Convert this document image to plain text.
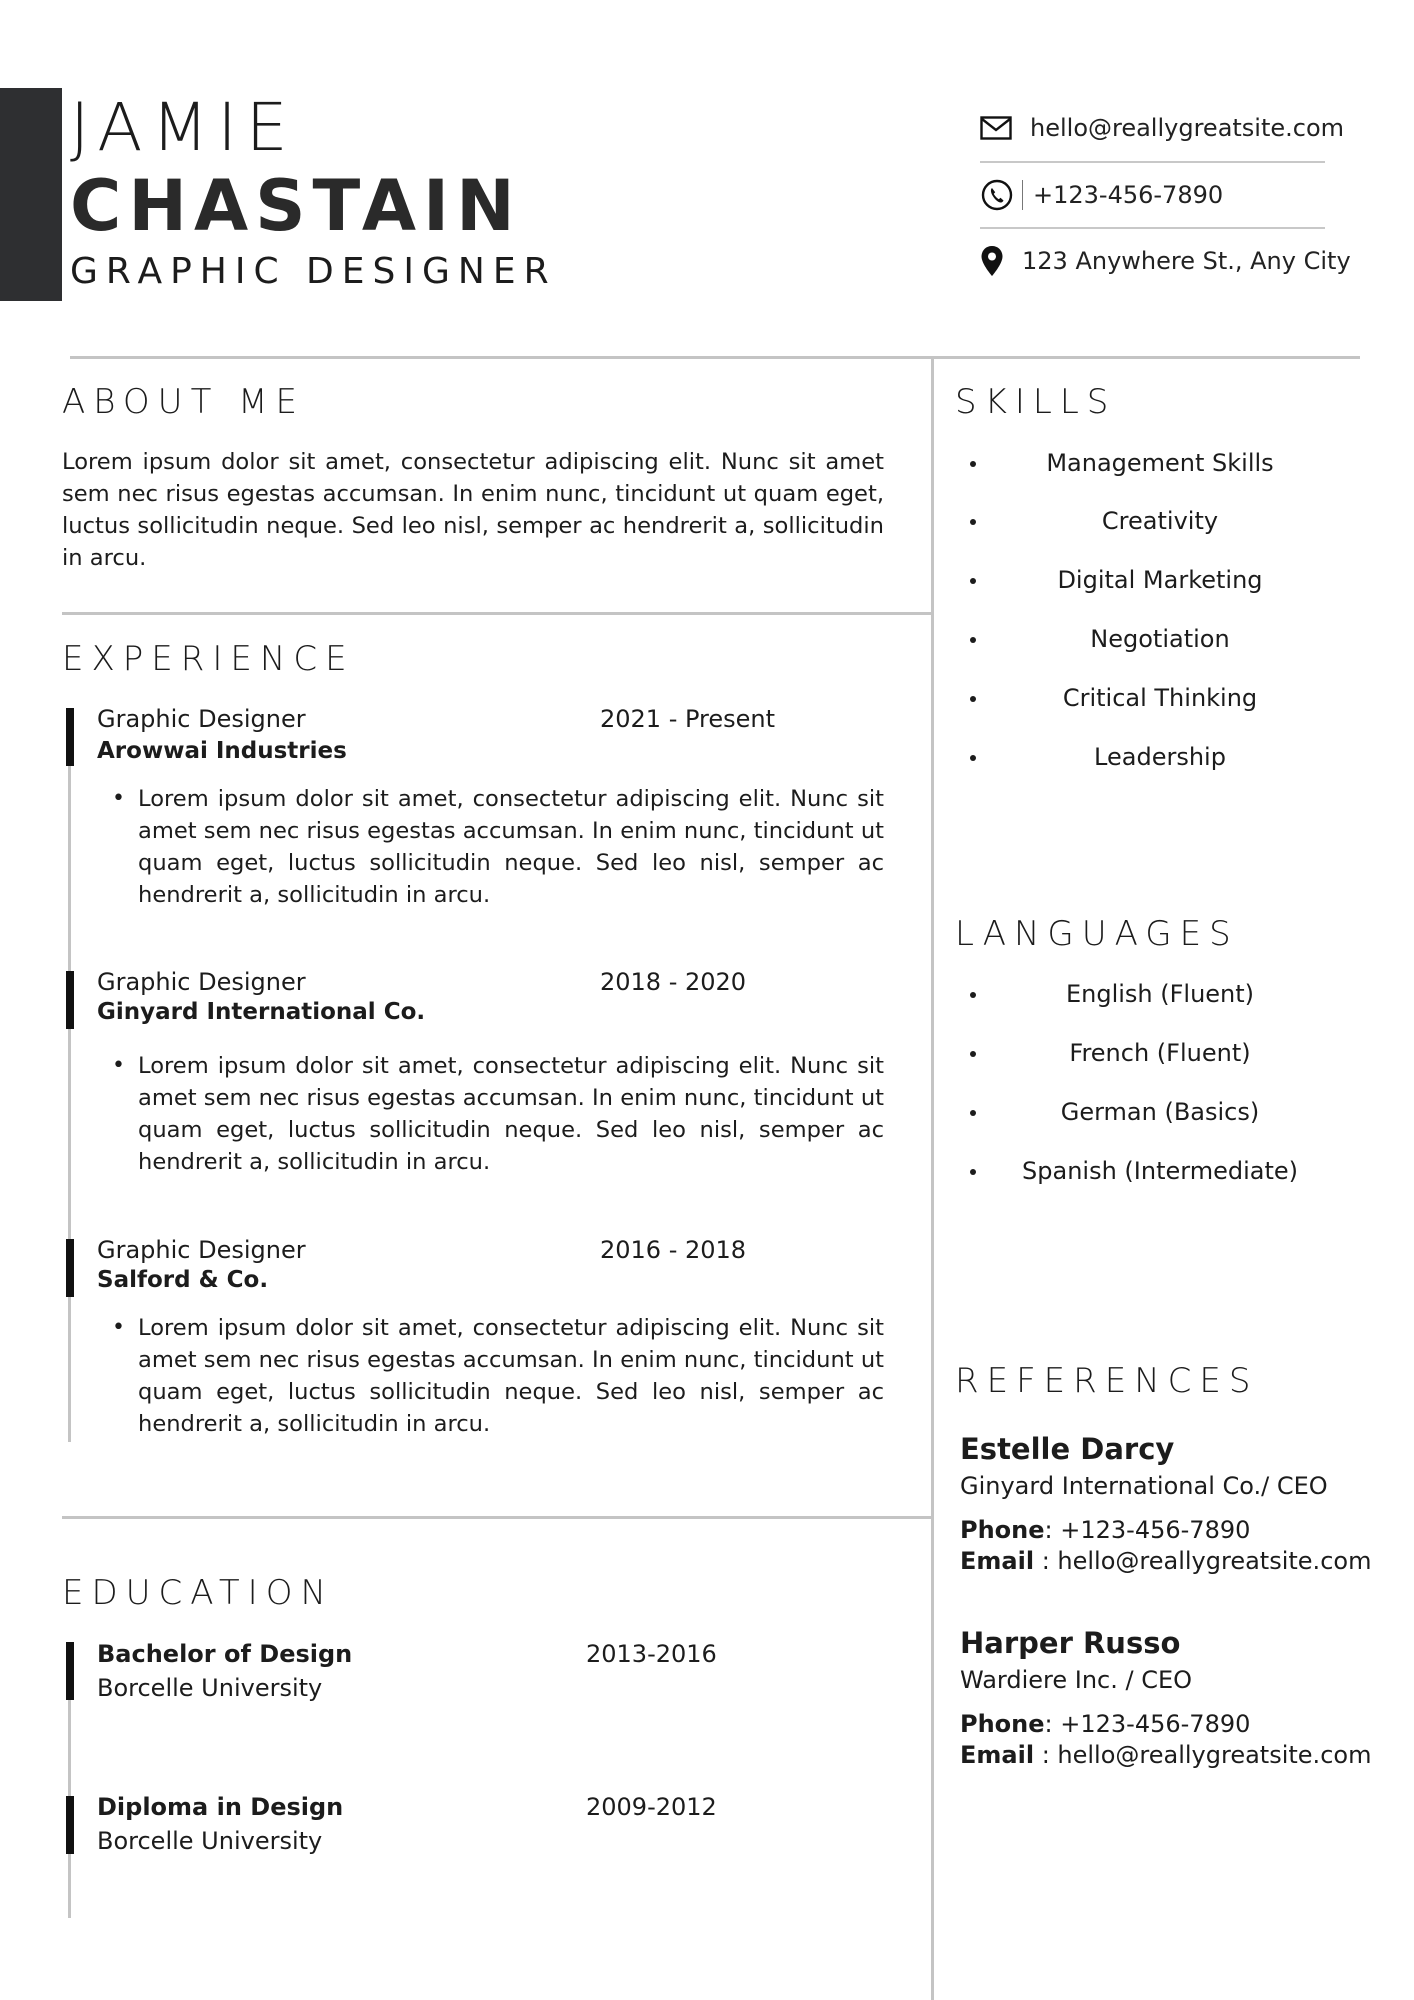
JAMIE
CHASTAIN
GRAPHIC DESIGNER
hello@reallygreatsite.com
+123-456-7890
123 Anywhere St., Any City
ABOUT ME

Lorem ipsum dolor sit amet, consectetur adipiscing elit. Nunc sit amet sem nec risus egestas accumsan. In enim nunc, tincidunt ut quam eget, luctus sollicitudin neque. Sed leo nisl, semper ac hendrerit a, sollicitudin in arcu.

EXPERIENCE
Graphic Designer	2021 - Present
Arowwai Industries
• Lorem ipsum dolor sit amet, consectetur adipiscing elit. Nunc sit amet sem nec risus egestas accumsan. In enim nunc, tincidunt ut quam eget, luctus sollicitudin neque. Sed leo nisl, semper ac hendrerit a, sollicitudin in arcu.

Graphic Designer	2018 - 2020
Ginyard International Co.
• Lorem ipsum dolor sit amet, consectetur adipiscing elit. Nunc sit amet sem nec risus egestas accumsan. In enim nunc, tincidunt ut quam eget, luctus sollicitudin neque. Sed leo nisl, semper ac hendrerit a, sollicitudin in arcu.

Graphic Designer	2016 - 2018
Salford & Co.
• Lorem ipsum dolor sit amet, consectetur adipiscing elit. Nunc sit amet sem nec risus egestas accumsan. In enim nunc, tincidunt ut quam eget, luctus sollicitudin neque. Sed leo nisl, semper ac hendrerit a, sollicitudin in arcu.

EDUCATION
Bachelor of Design	2013-2016
Borcelle University
Diploma in Design	2009-2012
Borcelle University
SKILLS
Management Skills
Creativity
Digital Marketing
Negotiation
Critical Thinking
Leadership
LANGUAGES
English (Fluent)
French (Fluent)
German (Basics)
Spanish (Intermediate)
REFERENCES
Estelle Darcy
Ginyard International Co./ CEO
Phone: +123-456-7890
Email : hello@reallygreatsite.com
Harper Russo
Wardiere Inc. / CEO
Phone: +123-456-7890
Email : hello@reallygreatsite.com
